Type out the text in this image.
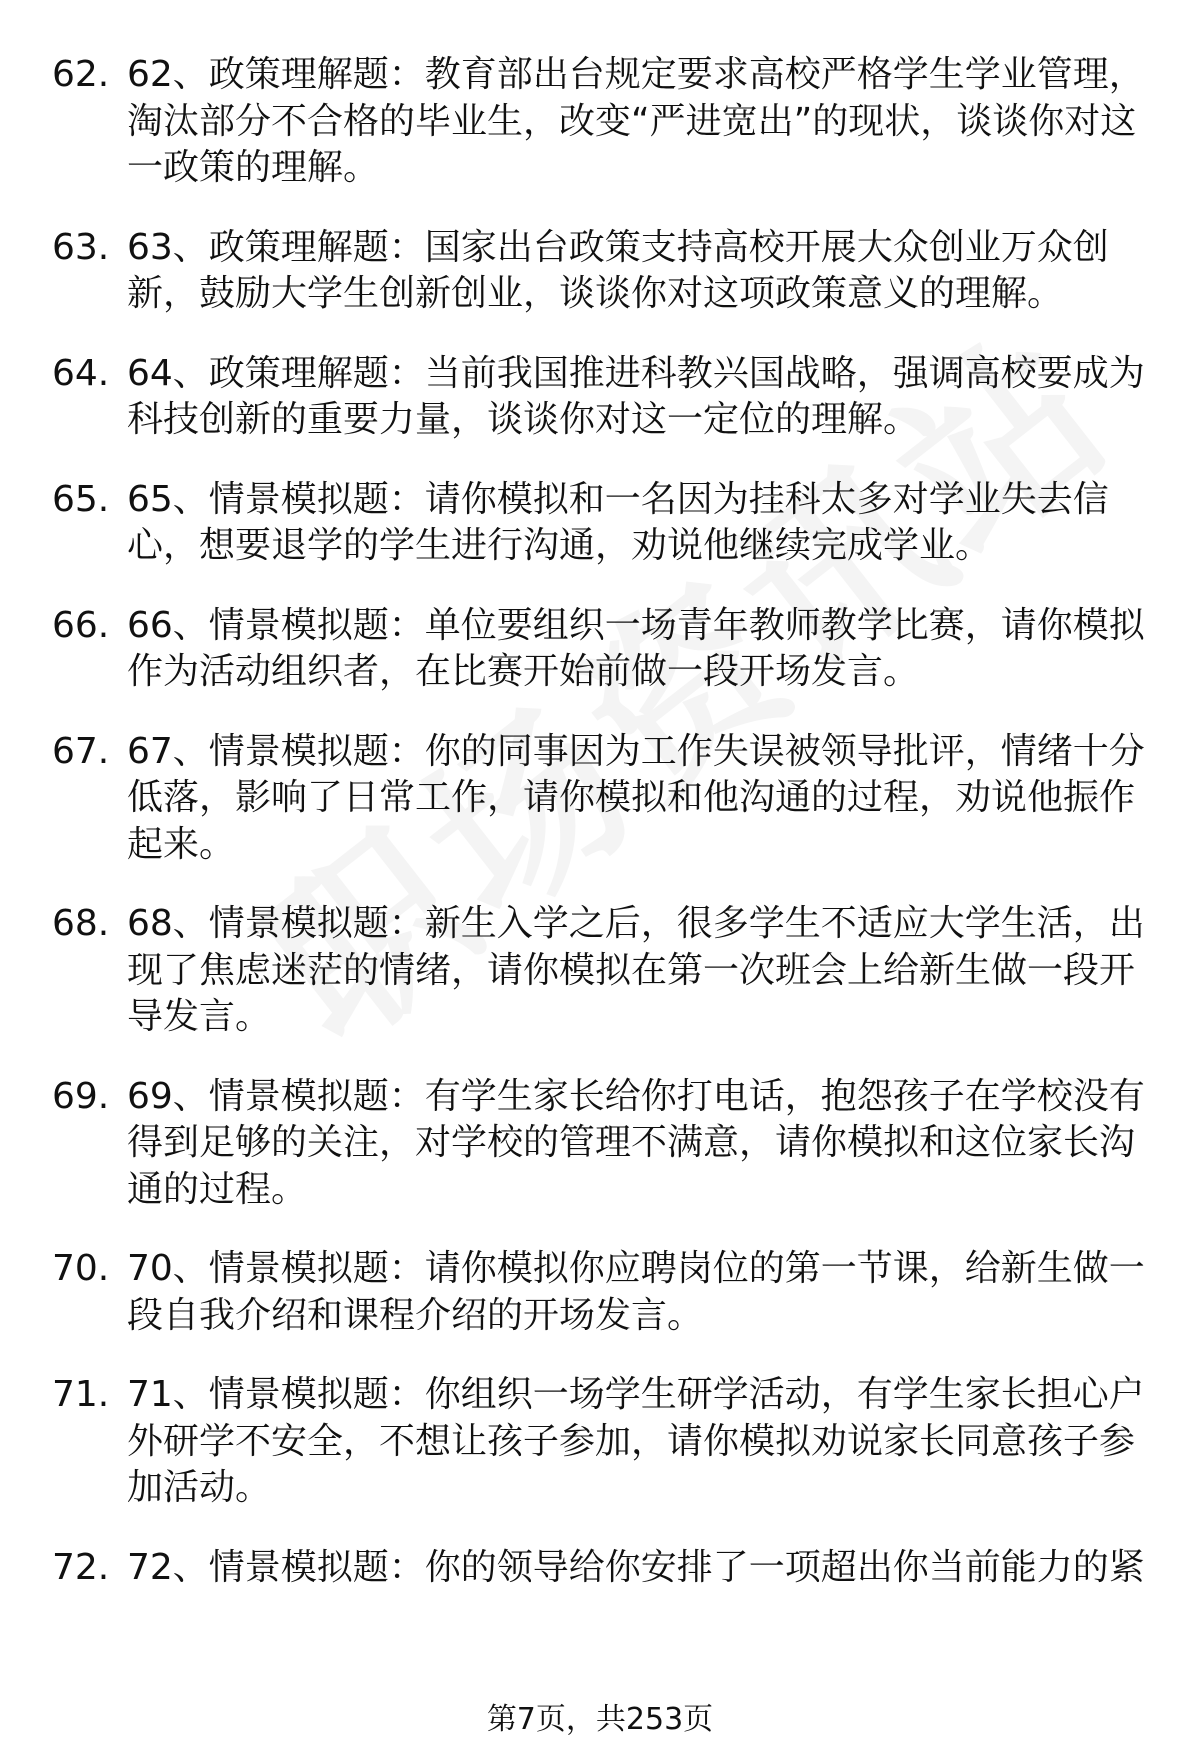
62. 62、政策理解题：教育部出台规定要求高校严格学生学业管理，淘汰部分不合格的毕业生，改变“严进宽出”的现状，谈谈你对这一政策的理解。
63. 63、政策理解题：国家出台政策支持高校开展大众创业万众创新，鼓励大学生创新创业，谈谈你对这项政策意义的理解。
64. 64、政策理解题：当前我国推进科教兴国战略，强调高校要成为科技创新的重要力量，谈谈你对这一定位的理解。
65. 65、情景模拟题：请你模拟和一名因为挂科太多对学业失去信心，想要退学的学生进行沟通，劝说他继续完成学业。
66. 66、情景模拟题：单位要组织一场青年教师教学比赛，请你模拟作为活动组织者，在比赛开始前做一段开场发言。
67. 67、情景模拟题：你的同事因为工作失误被领导批评，情绪十分低落，影响了日常工作，请你模拟和他沟通的过程，劝说他振作起来。
68. 68、情景模拟题：新生入学之后，很多学生不适应大学生活，出现了焦虑迷茫的情绪，请你模拟在第一次班会上给新生做一段开导发言。
69. 69、情景模拟题：有学生家长给你打电话，抱怨孩子在学校没有得到足够的关注，对学校的管理不满意，请你模拟和这位家长沟通的过程。
70. 70、情景模拟题：请你模拟你应聘岗位的第一节课，给新生做一段自我介绍和课程介绍的开场发言。
71. 71、情景模拟题：你组织一场学生研学活动，有学生家长担心户外研学不安全，不想让孩子参加，请你模拟劝说家长同意孩子参加活动。
72. 72、情景模拟题：你的领导给你安排了一项超出你当前能力的紧
第7页，共253页
